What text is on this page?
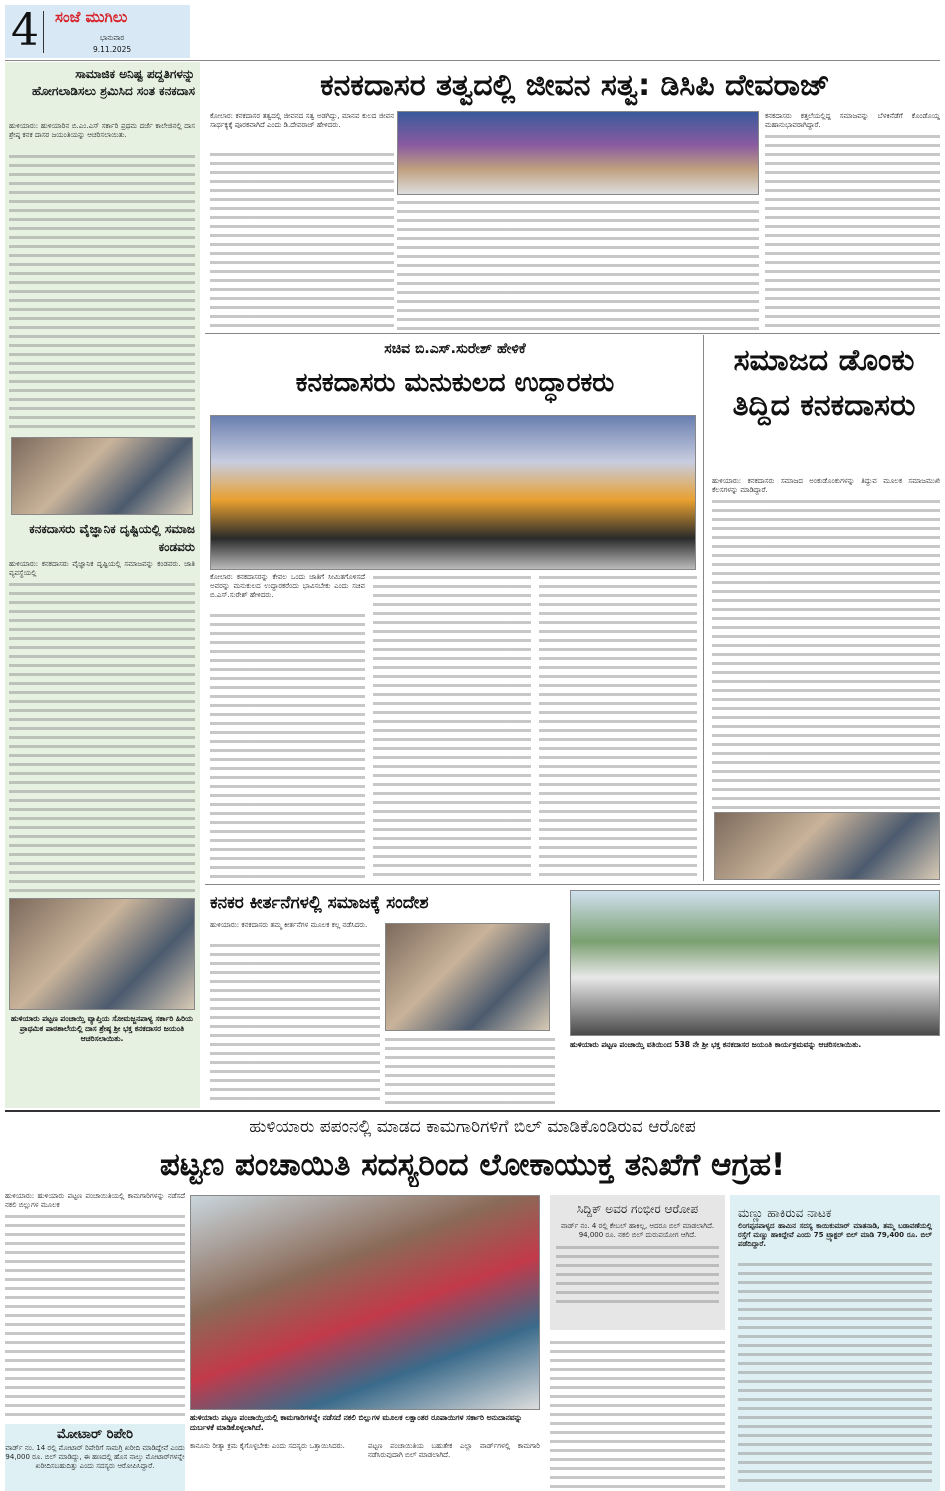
4 ಸಂಜೆ ಮುಗಿಲು
ಭಾನುವಾರ
9.11.2025
ಸಾಮಾಜಿಕ ಅನಿಷ್ಟ ಪದ್ದತಿಗಳನ್ನು ಹೋಗಲಾಡಿಸಲು ಶ್ರಮಿಸಿದ ಸಂತ ಕನಕದಾಸ
ಹುಳಿಯಾರು: ಹುಳಿಯಾರಿನ ಬಿ.ಎಂ.ಎಸ್ ಸರ್ಕಾರಿ ಪ್ರಥಮ ದರ್ಜೆ ಕಾಲೇಜಿನಲ್ಲಿ ದಾಸ ಶ್ರೇಷ್ಠ ಕನಕ ದಾಸರ ಜಯಂತಿಯನ್ನು ಆಚರಿಸಲಾಯಿತು.
ಕನಕದಾಸರು ವೈಜ್ಞಾನಿಕ ದೃಷ್ಟಿಯಲ್ಲಿ ಸಮಾಜ ಕಂಡವರು
ಹುಳಿಯಾರು: ಕನಕದಾಸರು ವೈಜ್ಞಾನಿಕ ದೃಷ್ಟಿಯಲ್ಲಿ ಸಮಾಜವನ್ನು ಕಂಡವರು. ಜಾತಿ ವ್ಯವಸ್ಥೆಯಲ್ಲಿ
ಹುಳಿಯಾರು ಪಟ್ಟಣ ಪಂಚಾಯ್ತಿ ವ್ಯಾಪ್ತಿಯ ಸೋಮಜ್ಜನಪಾಳ್ಯ ಸರ್ಕಾರಿ ಹಿರಿಯ ಪ್ರಾಥಮಿಕ ಪಾಠಶಾಲೆಯಲ್ಲಿ ದಾಸ ಶ್ರೇಷ್ಠ ಶ್ರೀ ಭಕ್ತ ಕನಕದಾಸರ ಜಯಂತಿ ಆಚರಿಸಲಾಯಿತು.
ಕನಕದಾಸರ ತತ್ವದಲ್ಲಿ ಜೀವನ ಸತ್ವ: ಡಿಸಿಪಿ ದೇವರಾಜ್
ಕೋಲಾರ: ಕನಕದಾಸರ ತತ್ವದಲ್ಲಿ ಜೀವನದ ಸತ್ವ ಅಡಗಿದ್ದು, ಮಾನವ ಕುಲದ ಜೀವನ ಸಾರ್ಥಕ್ಯಕ್ಕೆ ಪೂರಕವಾಗಿದೆ ಎಂದು ಡಿ.ದೇವರಾಜ್ ಹೇಳಿದರು.
ಕನಕದಾಸರು ಕತ್ತಲೆಯಲ್ಲಿದ್ದ ಸಮಾಜವನ್ನು ಬೆಳಕಿನೆಡೆಗೆ ಕೊಂಡೊಯ್ದ ಮಹಾನುಭಾವರಾಗಿದ್ದಾರೆ.
ಸಚಿವ ಬಿ.ಎಸ್.ಸುರೇಶ್ ಹೇಳಿಕೆ
ಕನಕದಾಸರು ಮನುಕುಲದ ಉದ್ಧಾರಕರು
ಕೋಲಾರ: ಕನಕದಾಸರನ್ನು ಕೇವಲ ಒಂದು ಜಾತಿಗೆ ಸೀಮಿತಗೊಳಿಸದೆ ಅವರನ್ನು ಮನುಕುಲದ ಉದ್ಧಾರಕರೆಂದು ಭಾವಿಸಬೇಕು ಎಂದು ಸಚಿವ ಬಿ.ಎಸ್.ಸುರೇಶ್ ಹೇಳಿದರು.
ಸಮಾಜದ ಡೊಂಕು ತಿದ್ದಿದ ಕನಕದಾಸರು
ಹುಳಿಯಾರು: ಕನಕದಾಸರು ಸಮಾಜದ ಅಂಕುಡೊಂಕುಗಳನ್ನು ತಿದ್ದುವ ಮೂಲಕ ಸಮಾಜಮುಖಿ ಕೆಲಸಗಳನ್ನು ಮಾಡಿದ್ದಾರೆ.
ಕನಕರ ಕೀರ್ತನೆಗಳಲ್ಲಿ ಸಮಾಜಕ್ಕೆ ಸಂದೇಶ
ಹುಳಿಯಾರು: ಕನಕದಾಸರು ತಮ್ಮ ಕೀರ್ತನೆಗಳ ಮೂಲಕ ಕಲ್ಲ ನಡೆಸಿದರು.
ಹುಳಿಯಾರು ಪಟ್ಟಣ ಪಂಚಾಯ್ತಿ ವತಿಯಿಂದ 538 ನೇ ಶ್ರೀ ಭಕ್ತ ಕನಕದಾಸರ ಜಯಂತಿ ಕಾರ್ಯಕ್ರಮವನ್ನು ಆಚರಿಸಲಾಯಿತು.
ಹುಳಿಯಾರು ಪಪಂನಲ್ಲಿ ಮಾಡದ ಕಾಮಗಾರಿಗಳಿಗೆ ಬಿಲ್ ಮಾಡಿಕೊಂಡಿರುವ ಆರೋಪ
ಪಟ್ಟಣ ಪಂಚಾಯಿತಿ ಸದಸ್ಯರಿಂದ ಲೋಕಾಯುಕ್ತ ತನಿಖೆಗೆ ಆಗ್ರಹ!
ಹುಳಿಯಾರು: ಹುಳಿಯಾರು ಪಟ್ಟಣ ಪಂಚಾಯಿತಿಯಲ್ಲಿ ಕಾಮಗಾರಿಗಳನ್ನು ನಡೆಸದೆ ನಕಲಿ ಬಿಲ್ಲುಗಳ ಮೂಲಕ
ಹುಳಿಯಾರು ಪಟ್ಟಣ ಪಂಚಾಯ್ತಿಯಲ್ಲಿ ಕಾಮಗಾರಿಗಳನ್ನೇ ನಡೆಸದೆ ನಕಲಿ ಬಿಲ್ಲುಗಳ ಮೂಲಕ ಲಕ್ಷಾಂತರ ರೂಪಾಯಿಗಳ ಸರ್ಕಾರಿ ಅನುದಾನವನ್ನು ದುರ್ಬಳಕೆ ಮಾಡಿಕೊಳ್ಳಲಾಗಿದೆ.
ಕಾನೂನು ರೀತ್ಯಾ ಕ್ರಮ ಕೈಗೊಳ್ಳಬೇಕು ಎಂದು ಸದಸ್ಯರು ಒತ್ತಾಯಿಸಿದರು.	ಪಟ್ಟಣ ಪಂಚಾಯಿತಿಯ ಬಹುತೇಕ ಎಲ್ಲಾ ವಾರ್ಡ್‌ಗಳಲ್ಲಿ ಕಾಮಗಾರಿ ನಡೆಸಿರುವುದಾಗಿ ಬಿಲ್ ಮಾಡಲಾಗಿದೆ.
ಮೋಟಾರ್ ರಿಪೇರಿ
ವಾರ್ಡ್ ನಂ. 14 ರಲ್ಲಿ ಮೋಟಾರ್ ರಿಪೇರಿಗೆ ಸಾಮಗ್ರಿ ಖರೀದಿ ಮಾಡಿದ್ದೇವೆ ಎಂದು 94,000 ರೂ. ಬಿಲ್ ಮಾಡಿದ್ದು, ಈ ಹಣದಲ್ಲಿ ಹೊಸ ನಾಲ್ಕು ಮೋಟಾರ್‌ಗಳನ್ನೇ ಖರೀದಿಸಬಹುದಿತ್ತು ಎಂದು ಸದಸ್ಯರು ಆರೋಪಿಸಿದ್ದಾರೆ.
ಸಿದ್ದಿಕ್ ಅವರ ಗಂಭೀರ ಆರೋಪ
ವಾರ್ಡ್ ನಂ. 4 ರಲ್ಲಿ ಕೇಬಲ್ ಹಾಕಿಲ್ಲ, ಆದರೂ ಬಿಲ್ ಮಾಡಲಾಗಿದೆ. 94,000 ರೂ. ನಕಲಿ ಬಿಲ್ ದುರುಪಯೋಗ ಆಗಿದೆ.
ಮಣ್ಣು ಹಾಕಿರುವ ನಾಟಕ
ಲಿಂಗಪ್ಪನಪಾಳ್ಯದ ಹಾಮಿನ ಸದಸ್ಯ ಕಾಯಿಕುಮಾರ್ ಮಾತನಾಡಿ, ತಮ್ಮ ಬಡಾವಣೆಯಲ್ಲಿ ರಸ್ತೆಗೆ ಮಣ್ಣು ಹಾಕಿದ್ದೇವೆ ಎಂದು 75 ಟ್ರ್ಯಾಕ್ಟರ್ ಬಿಲ್ ಮಾಡಿ 79,400 ರೂ. ಬಿಲ್ ಪಡೆದಿದ್ದಾರೆ.
